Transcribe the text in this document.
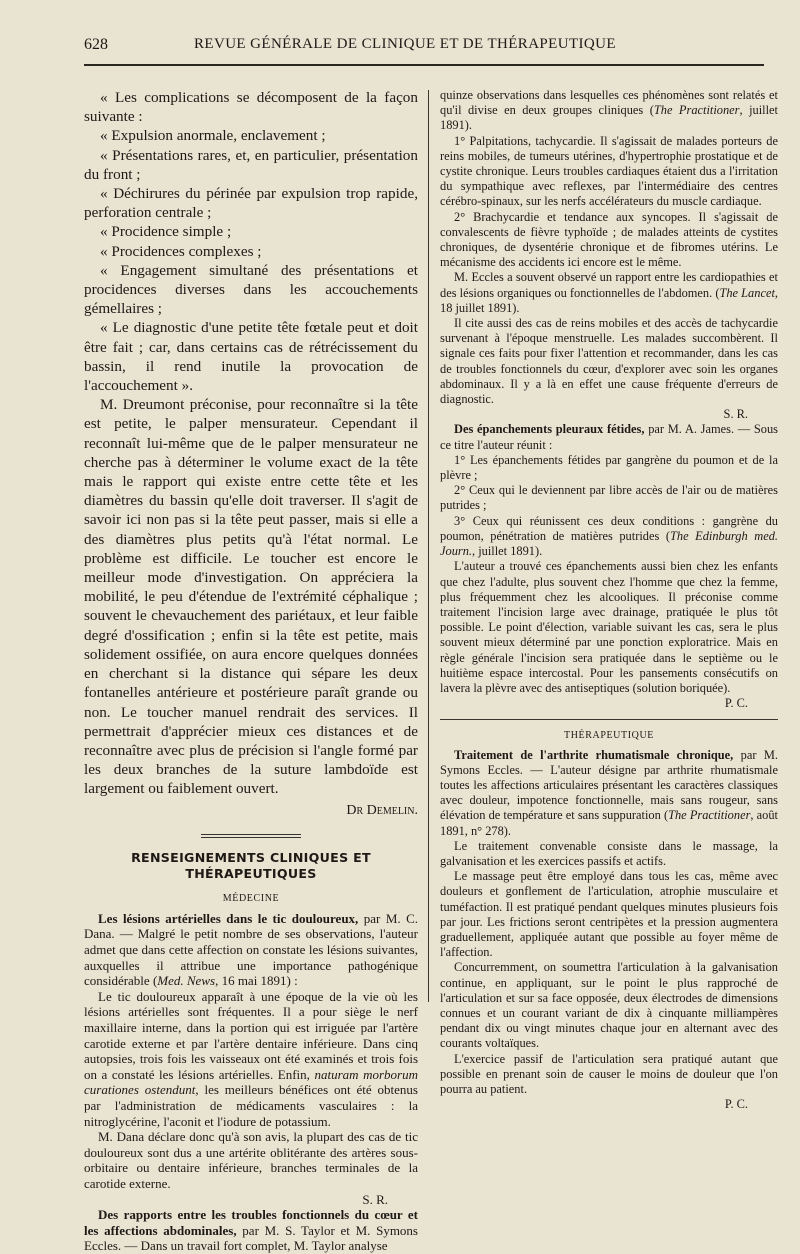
628	REVUE GÉNÉRALE DE CLINIQUE ET DE THÉRAPEUTIQUE

« Les complications se décomposent de la façon suivante :

« Expulsion anormale, enclavement ;

« Présentations rares, et, en particulier, présentation du front ;

« Déchirures du périnée par expulsion trop rapide, perforation centrale ;

« Procidence simple ;

« Procidences complexes ;

« Engagement simultané des présentations et procidences diverses dans les accouchements gémellaires ;

« Le diagnostic d'une petite tête fœtale peut et doit être fait ; car, dans certains cas de rétrécissement du bassin, il rend inutile la provocation de l'accouchement ».

M. Dreumont préconise, pour reconnaître si la tête est petite, le palper mensurateur. Cependant il reconnaît lui-même que de le palper mensurateur ne cherche pas à déterminer le volume exact de la tête mais le rapport qui existe entre cette tête et les diamètres du bassin qu'elle doit traverser. Il s'agit de savoir ici non pas si la tête peut passer, mais si elle a des diamètres plus petits qu'à l'état normal. Le problème est difficile. Le toucher est encore le meilleur mode d'investigation. On appréciera la mobilité, le peu d'étendue de l'extrémité céphalique ; souvent le chevauchement des pariétaux, et leur faible degré d'ossification ; enfin si la tête est petite, mais solidement ossifiée, on aura encore quelques données en cherchant si la distance qui sépare les deux fontanelles antérieure et postérieure paraît grande ou non. Le toucher manuel rendrait des services. Il permettrait d'apprécier mieux ces distances et de reconnaître avec plus de précision si l'angle formé par les deux branches de la suture lambdoïde est largement ou faiblement ouvert.

Dr Demelin.
RENSEIGNEMENTS CLINIQUES ET THÉRAPEUTIQUES
MÉDECINE

Les lésions artérielles dans le tic douloureux, par M. C. Dana. — Malgré le petit nombre de ses observations, l'auteur admet que dans cette affection on constate les lésions suivantes, auxquelles il attribue une importance pathogénique considérable (Med. News, 16 mai 1891) :

Le tic douloureux apparaît à une époque de la vie où les lésions artérielles sont fréquentes. Il a pour siège le nerf maxillaire interne, dans la portion qui est irriguée par l'artère carotide externe et par l'artère dentaire inférieure. Dans cinq autopsies, trois fois les vaisseaux ont été examinés et trois fois on a constaté les lésions artérielles. Enfin, naturam morborum curationes ostendunt, les meilleurs bénéfices ont été obtenus par l'administration de médicaments vasculaires : la nitroglycérine, l'aconit et l'iodure de potassium.

M. Dana déclare donc qu'à son avis, la plupart des cas de tic douloureux sont dus a une artérite oblitérante des artères sous-orbitaire ou dentaire inférieure, branches terminales de la carotide externe.

S. R.

Des rapports entre les troubles fonctionnels du cœur et les affections abdominales, par M. S. Taylor et M. Symons Eccles. — Dans un travail fort complet, M. Taylor analyse

quinze observations dans lesquelles ces phénomènes sont relatés et qu'il divise en deux groupes cliniques (The Practitioner, juillet 1891).

1° Palpitations, tachycardie. Il s'agissait de malades porteurs de reins mobiles, de tumeurs utérines, d'hypertrophie prostatique et de cystite chronique. Leurs troubles cardiaques étaient dus a l'irritation du sympathique avec reflexes, par l'intermédiaire des centres cérébro-spinaux, sur les nerfs accélérateurs du muscle cardiaque.

2° Brachycardie et tendance aux syncopes. Il s'agissait de convalescents de fièvre typhoïde ; de malades atteints de cystites chroniques, de dysentérie chronique et de fibromes utérins. Le mécanisme des accidents ici encore est le même.

M. Eccles a souvent observé un rapport entre les cardiopathies et des lésions organiques ou fonctionnelles de l'abdomen. (The Lancet, 18 juillet 1891).

Il cite aussi des cas de reins mobiles et des accès de tachycardie survenant à l'époque menstruelle. Les malades succombèrent. Il signale ces faits pour fixer l'attention et recommander, dans les cas de troubles fonctionnels du cœur, d'explorer avec soin les organes abdominaux. Il y a là en effet une cause fréquente d'erreurs de diagnostic.

S. R.

Des épanchements pleuraux fétides, par M. A. James. — Sous ce titre l'auteur réunit :

1° Les épanchements fétides par gangrène du poumon et de la plèvre ;

2° Ceux qui le deviennent par libre accès de l'air ou de matières putrides ;

3° Ceux qui réunissent ces deux conditions : gangrène du poumon, pénétration de matières putrides (The Edinburgh med. Journ., juillet 1891).

L'auteur a trouvé ces épanchements aussi bien chez les enfants que chez l'adulte, plus souvent chez l'homme que chez la femme, plus fréquemment chez les alcooliques. Il préconise comme traitement l'incision large avec drainage, pratiquée le plus tôt possible. Le point d'élection, variable suivant les cas, sera le plus souvent mieux déterminé par une ponction exploratrice. Mais en règle générale l'incision sera pratiquée dans le septième ou le huitième espace intercostal. Pour les pansements consécutifs on lavera la plèvre avec des antiseptiques (solution boriquée).

P. C.
THÉRAPEUTIQUE

Traitement de l'arthrite rhumatismale chronique, par M. Symons Eccles. — L'auteur désigne par arthrite rhumatismale toutes les affections articulaires présentant les caractères classiques avec douleur, impotence fonctionnelle, mais sans rougeur, sans élévation de température et sans suppuration (The Practitioner, août 1891, n° 278).

Le traitement convenable consiste dans le massage, la galvanisation et les exercices passifs et actifs.

Le massage peut être employé dans tous les cas, même avec douleurs et gonflement de l'articulation, atrophie musculaire et tuméfaction. Il est pratiqué pendant quelques minutes plusieurs fois par jour. Les frictions seront centripètes et la pression augmentera graduellement, appliquée autant que possible au foyer même de l'affection.

Concurremment, on soumettra l'articulation à la galvanisation continue, en appliquant, sur le point le plus rapproché de l'articulation et sur sa face opposée, deux électrodes de dimensions connues et un courant variant de dix à cinquante milliampères pendant dix ou vingt minutes chaque jour en alternant avec des courants voltaïques.

L'exercice passif de l'articulation sera pratiqué autant que possible en prenant soin de causer le moins de douleur que l'on pourra au patient.

P. C.
